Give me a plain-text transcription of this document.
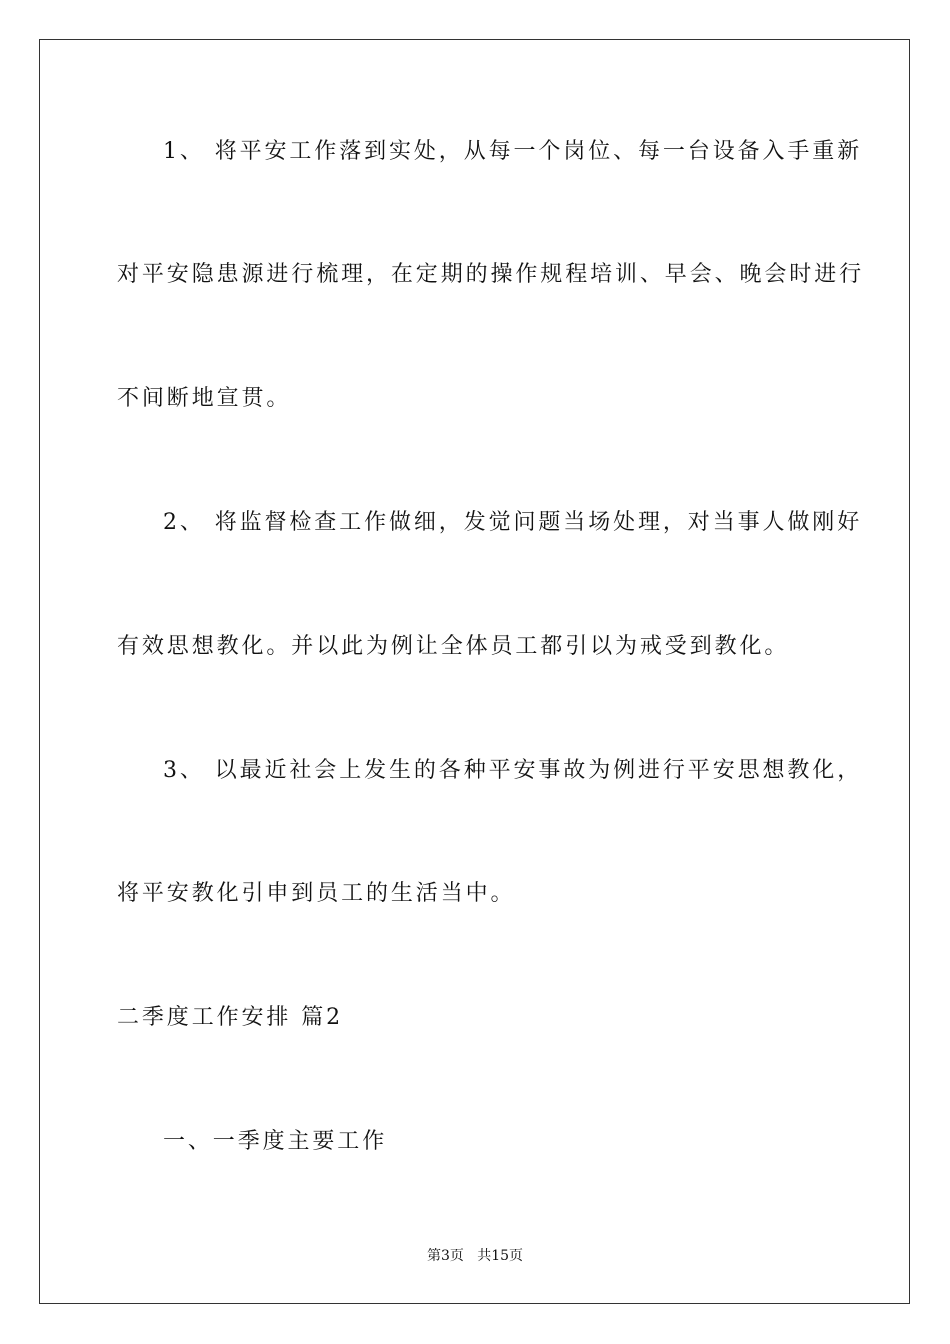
1、 将平安工作落到实处，从每一个岗位、每一台设备入手重新
对平安隐患源进行梳理，在定期的操作规程培训、早会、晚会时进行
不间断地宣贯。
2、 将监督检查工作做细，发觉问题当场处理，对当事人做刚好
有效思想教化。并以此为例让全体员工都引以为戒受到教化。
3、 以最近社会上发生的各种平安事故为例进行平安思想教化，
将平安教化引申到员工的生活当中。
二季度工作安排 篇2
一、一季度主要工作
第3页   共15页
